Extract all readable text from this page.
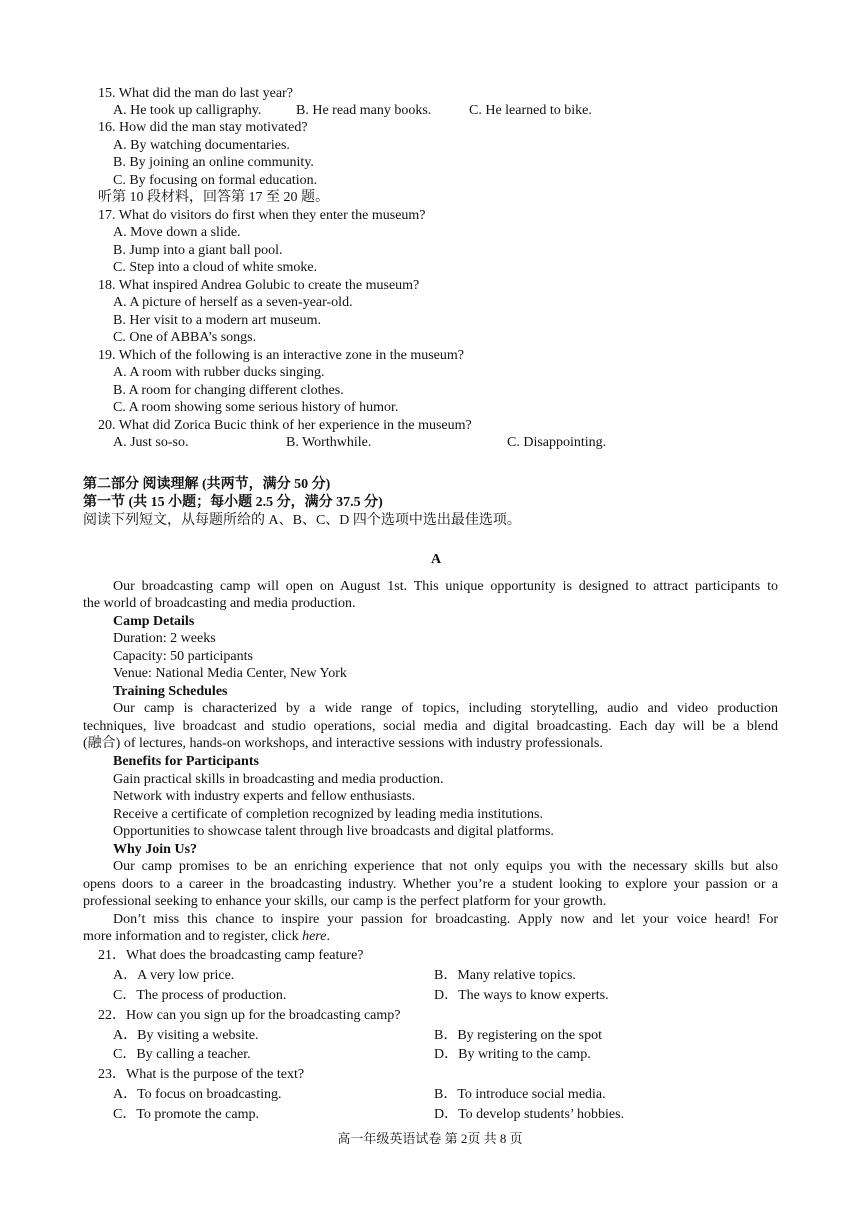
15. What did the man do last year?
A. He took up calligraphy. B. He read many books.	C. He learned to bike.
16. How did the man stay motivated?
A. By watching documentaries.
B. By joining an online community.
C. By focusing on formal education.
听第 10 段材料，回答第 17 至 20 题。
17. What do visitors do first when they enter the museum?
A. Move down a slide.
B. Jump into a giant ball pool.
C. Step into a cloud of white smoke.
18. What inspired Andrea Golubic to create the museum?
A. A picture of herself as a seven-year-old.
B. Her visit to a modern art museum.
C. One of ABBA’s songs.
19. Which of the following is an interactive zone in the museum?
A. A room with rubber ducks singing.
B. A room for changing different clothes.
C. A room showing some serious history of humor.
20. What did Zorica Bucic think of her experience in the museum?
A. Just so-so.	B. Worthwhile.	C. Disappointing.
第二部分 阅读理解 (共两节，满分 50 分)
第一节 (共 15 小题；每小题 2.5 分，满分 37.5 分)
阅读下列短文，从每题所给的 A、B、C、D 四个选项中选出最佳选项。
A
Our broadcasting camp will open on August 1st. This unique opportunity is designed to attract participants to
the world of broadcasting and media production.
Camp Details
Duration: 2 weeks
Capacity: 50 participants
Venue: National Media Center, New York
Training Schedules
Our camp is characterized by a wide range of topics, including storytelling, audio and video production
techniques, live broadcast and studio operations, social media and digital broadcasting. Each day will be a blend
(融合) of lectures, hands-on workshops, and interactive sessions with industry professionals.
Benefits for Participants
Gain practical skills in broadcasting and media production.
Network with industry experts and fellow enthusiasts.
Receive a certificate of completion recognized by leading media institutions.
Opportunities to showcase talent through live broadcasts and digital platforms.
Why Join Us?
Our camp promises to be an enriching experience that not only equips you with the necessary skills but also
opens doors to a career in the broadcasting industry. Whether you’re a student looking to explore your passion or a
professional seeking to enhance your skills, our camp is the perfect platform for your growth.
Don’t miss this chance to inspire your passion for broadcasting. Apply now and let your voice heard! For
more information and to register, click here.
21．What does the broadcasting camp feature?
A．A very low price.	B．Many relative topics.
C．The process of production.	D．The ways to know experts.
22．How can you sign up for the broadcasting camp?
A．By visiting a website.	B．By registering on the spot
C．By calling a teacher.	D．By writing to the camp.
23．What is the purpose of the text?
A．To focus on broadcasting.	B．To introduce social media.
C．To promote the camp.	D．To develop students’ hobbies.
高一年级英语试卷 第 2页 共 8 页
